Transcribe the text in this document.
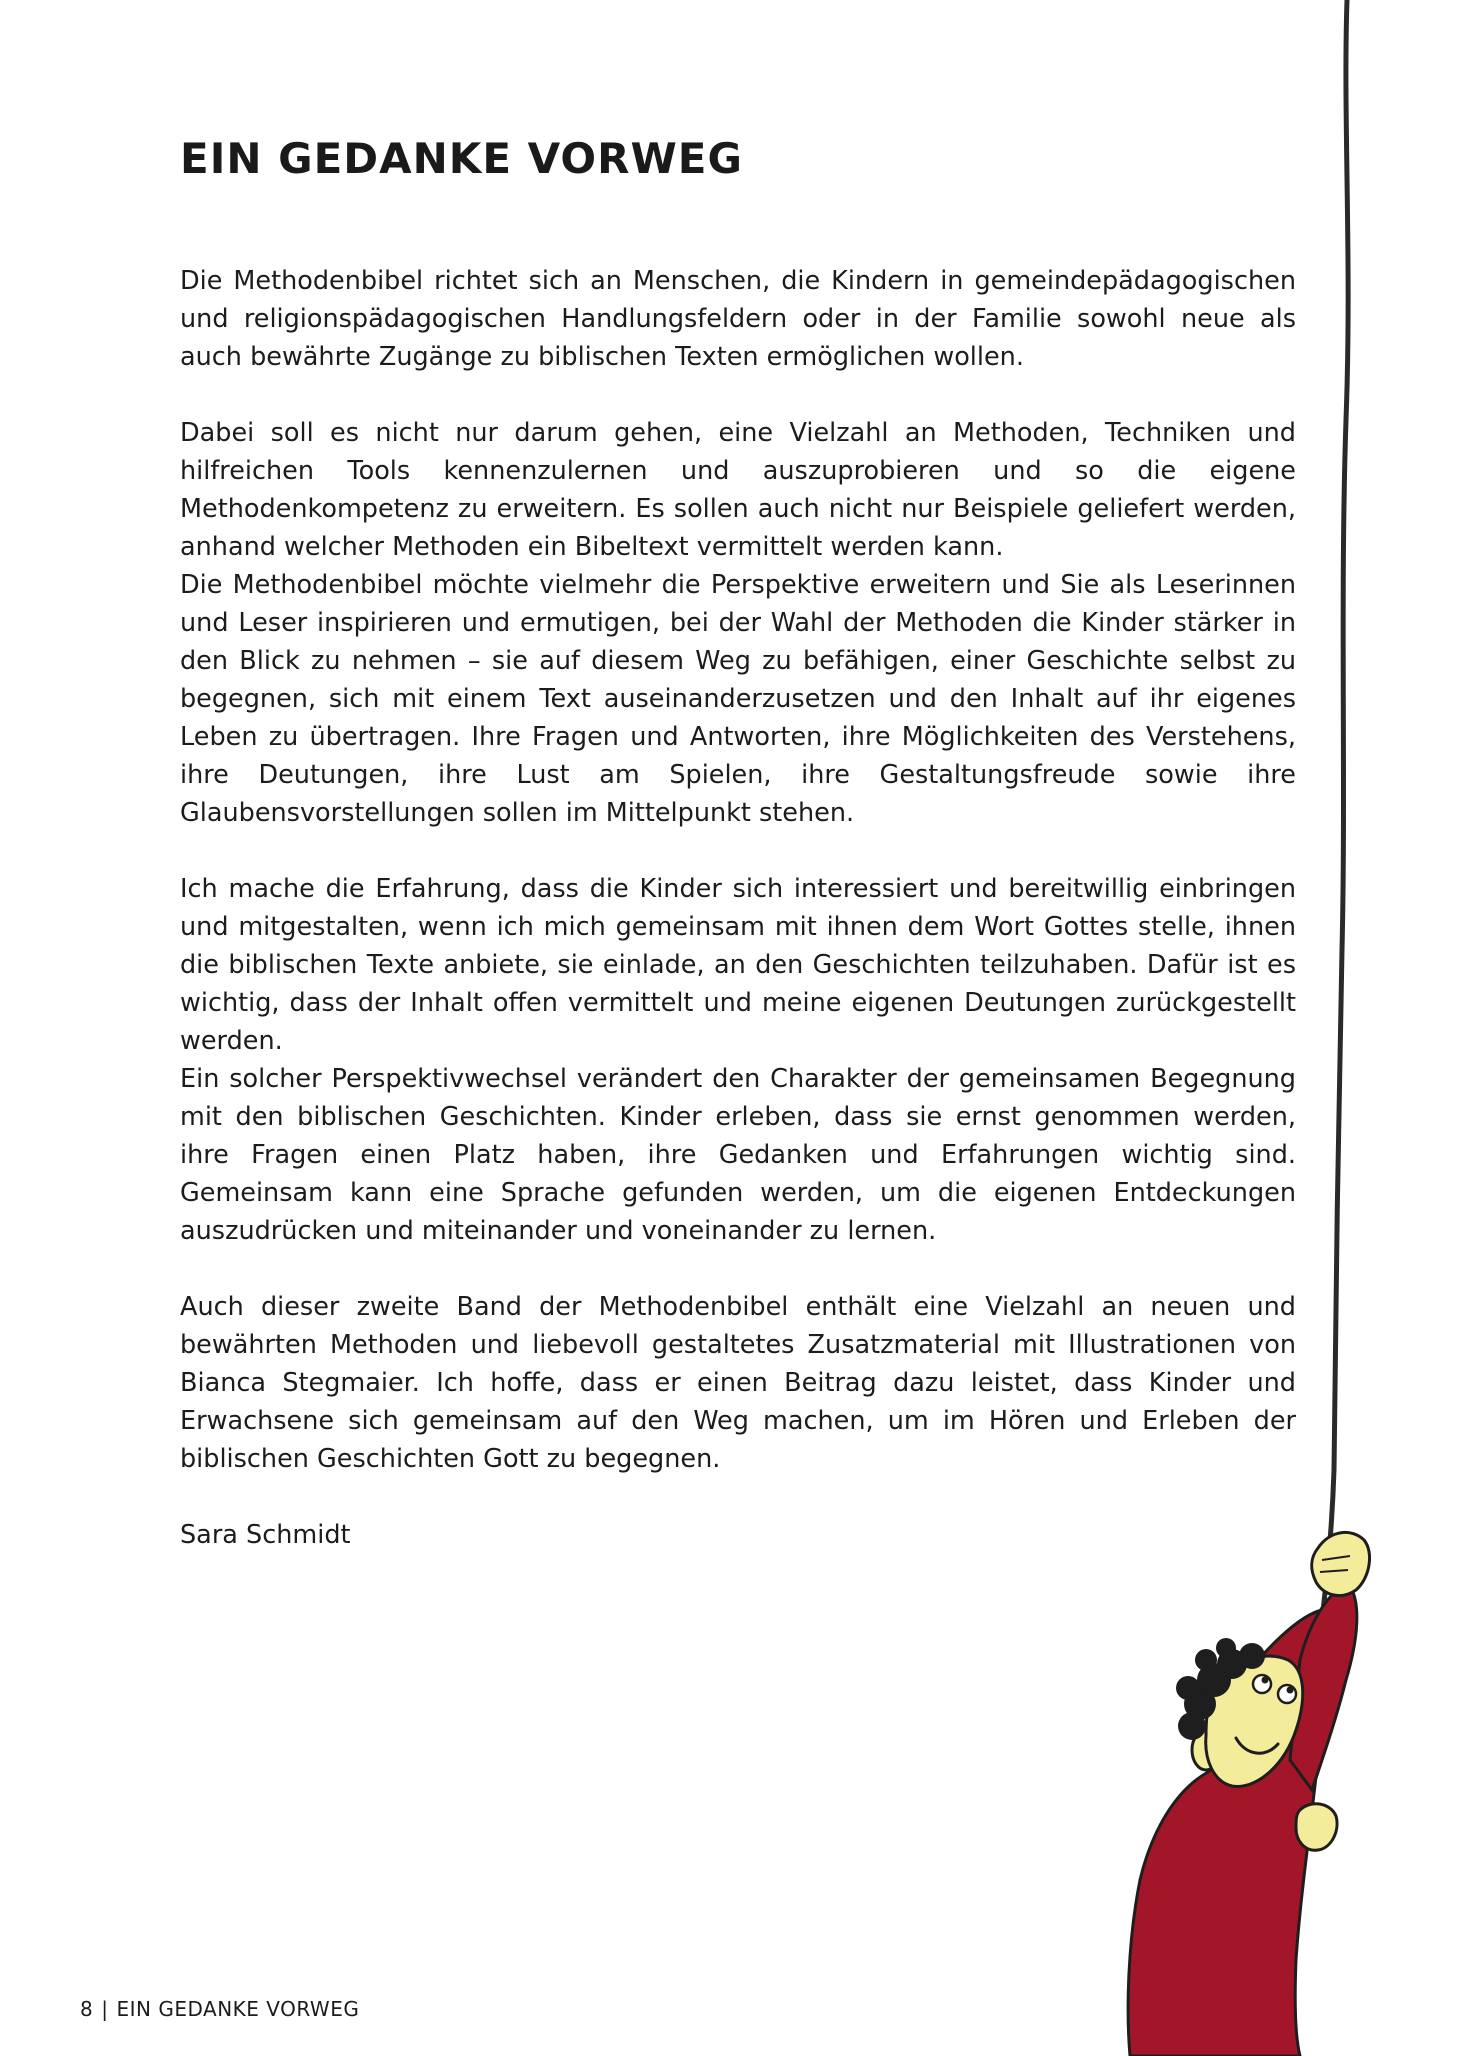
EIN GEDANKE VORWEG

Die Methodenbibel richtet sich an Menschen, die Kindern in gemeindepädagogischen und religionspädagogischen Handlungsfeldern oder in der Familie sowohl neue als auch bewährte Zugänge zu biblischen Texten ermöglichen wollen.

Dabei soll es nicht nur darum gehen, eine Vielzahl an Methoden, Techniken und hilfreichen Tools kennenzulernen und auszuprobieren und so die eigene Methodenkompetenz zu erweitern. Es sollen auch nicht nur Beispiele geliefert werden, anhand welcher Methoden ein Bibeltext vermittelt werden kann.

Die Methodenbibel möchte vielmehr die Perspektive erweitern und Sie als Leserinnen und Leser inspirieren und ermutigen, bei der Wahl der Methoden die Kinder stärker in den Blick zu nehmen – sie auf diesem Weg zu befähigen, einer Geschichte selbst zu begegnen, sich mit einem Text auseinanderzusetzen und den Inhalt auf ihr eigenes Leben zu übertragen. Ihre Fragen und Antworten, ihre Möglichkeiten des Verstehens, ihre Deutungen, ihre Lust am Spielen, ihre Gestaltungsfreude sowie ihre Glaubensvorstellungen sollen im Mittelpunkt stehen.

Ich mache die Erfahrung, dass die Kinder sich interessiert und bereitwillig einbringen und mitgestalten, wenn ich mich gemeinsam mit ihnen dem Wort Gottes stelle, ihnen die biblischen Texte anbiete, sie einlade, an den Geschichten teilzuhaben. Dafür ist es wichtig, dass der Inhalt offen vermittelt und meine eigenen Deutungen zurückgestellt werden.

Ein solcher Perspektivwechsel verändert den Charakter der gemeinsamen Begegnung mit den biblischen Geschichten. Kinder erleben, dass sie ernst genommen werden, ihre Fragen einen Platz haben, ihre Gedanken und Erfahrungen wichtig sind. Gemeinsam kann eine Sprache gefunden werden, um die eigenen Entdeckungen auszudrücken und miteinander und voneinander zu lernen.

Auch dieser zweite Band der Methodenbibel enthält eine Vielzahl an neuen und bewährten Methoden und liebevoll gestaltetes Zusatzmaterial mit Illustrationen von Bianca Stegmaier. Ich hoffe, dass er einen Beitrag dazu leistet, dass Kinder und Erwachsene sich gemeinsam auf den Weg machen, um im Hören und Erleben der biblischen Geschichten Gott zu begegnen.

Sara Schmidt

8 | EIN GEDANKE VORWEG
